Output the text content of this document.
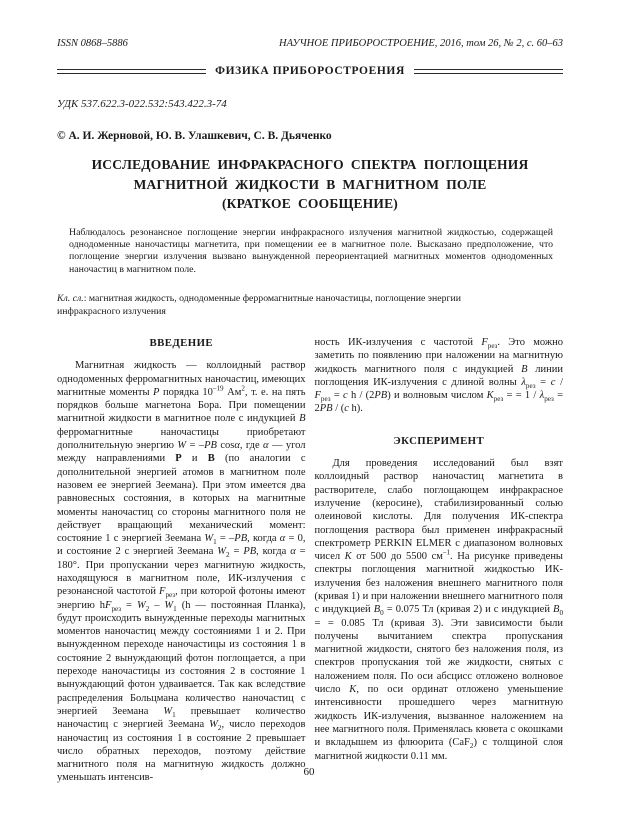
ISSN 0868–5886	НАУЧНОЕ ПРИБОРОСТРОЕНИЕ, 2016, том 26, № 2, с. 60–63
ФИЗИКА ПРИБОРОСТРОЕНИЯ
УДК 537.622.3-022.532:543.422.3-74
© А. И. Жерновой, Ю. В. Улашкевич, С. В. Дьяченко
ИССЛЕДОВАНИЕ ИНФРАКРАСНОГО СПЕКТРА ПОГЛОЩЕНИЯ
МАГНИТНОЙ ЖИДКОСТИ В МАГНИТНОМ ПОЛЕ
(КРАТКОЕ СООБЩЕНИЕ)
Наблюдалось резонансное поглощение энергии инфракрасного излучения магнитной жидкостью, содержащей однодоменные наночастицы магнетита, при помещении ее в магнитное поле. Высказано предположение, что поглощение энергии излучения вызвано вынужденной переориентацией магнитных моментов однодоменных наночастиц в магнитном поле.
Кл. сл.: магнитная жидкость, однодоменные ферромагнитные наночастицы, поглощение энергии инфракрасного излучения
ВВЕДЕНИЕ

Магнитная жидкость — коллоидный раствор однодоменных ферромагнитных наночастиц, имеющих магнитные моменты P порядка $10^{-19}$ $Ам^2$, т. е. на пять порядков больше магнетона Бора. При помещении магнитной жидкости в магнитное поле с индукцией B ферромагнитные наночастицы приобретают дополнительную энергию W = –PB cosα, где α — угол между направлениями P и B (по аналогии с дополнительной энергией атомов в магнитном поле назовем ее энергией Зеемана). При этом имеется два равновесных состояния, в которых на магнитные моменты наночастиц со стороны магнитного поля не действует вращающий механический момент: состояние 1 с энергией Зеемана $W_1 = -PB$, когда α = 0, и состояние 2 с энергией Зеемана $W_2$ = PB, когда α = 180°. При пропускании через магнитную жидкость, находящуюся в магнитном поле, ИК-излучения с резонансной частотой $F_{рез}$, при которой фотоны имеют энергию $hF_{рез} = W_2 - W_1$ (h — постоянная Планка), будут происходить вынужденные переходы магнитных моментов наночастиц между состояниями 1 и 2. При вынужденном переходе наночастицы из состояния 1 в состояние 2 вынуждающий фотон поглощается, а при переходе наночастицы из состояния 2 в состояние 1 вынуждающий фотон удваивается. Так как вследствие распределения Больцмана количество наночастиц с энергией Зеемана $W_1$ превышает количество наночастиц с энергией Зеемана $W_2$, число переходов наночастиц из состояния 1 в состояние 2 превышает число обратных переходов, поэтому действие магнитного поля на магнитную жидкость должно уменьшать интенсив-

ность ИК-излучения с частотой $F_{рез}$. Это можно заметить по появлению при наложении на магнитную жидкость магнитного поля с индукцией B линии поглощения ИК-излучения с длиной волны $\lambda_{рез} = c / F_{рез} = c$ h / (2PB) и волновым числом $K_{рез}$ = = $1 / \lambda_{рез} = 2PB / (c$ h).

ЭКСПЕРИМЕНТ

Для проведения исследований был взят коллоидный раствор наночастиц магнетита в растворителе, слабо поглощающем инфракрасное излучение (керосине), стабилизированный солью олеиновой кислоты. Для получения ИК-спектра поглощения раствора был применен инфракрасный спектрометр PERKIN ELMER с диапазоном волновых чисел K от 500 до 5500 $см^{-1}$. На рисунке приведены спектры поглощения магнитной жидкостью ИК-излучения без наложения внешнего магнитного поля (кривая 1) и при наложении внешнего магнитного поля с индукцией $B_0 = 0.075$ Тл (кривая 2) и с индукцией $B_0$ = = 0.085 Тл (кривая 3). Эти зависимости были получены вычитанием спектра пропускания магнитной жидкости, снятого без наложения поля, из спектров пропускания той же жидкости, снятых с наложением поля. По оси абсцисс отложено волновое число K, по оси ординат отложено уменьшение интенсивности прошедшего через магнитную жидкость ИК-излучения, вызванное наложением на нее магнитного поля. Применялась кювета с окошками и вкладышем из флюорита (CaF$_2$) с толщиной слоя магнитной жидкости 0.11 мм.

60
